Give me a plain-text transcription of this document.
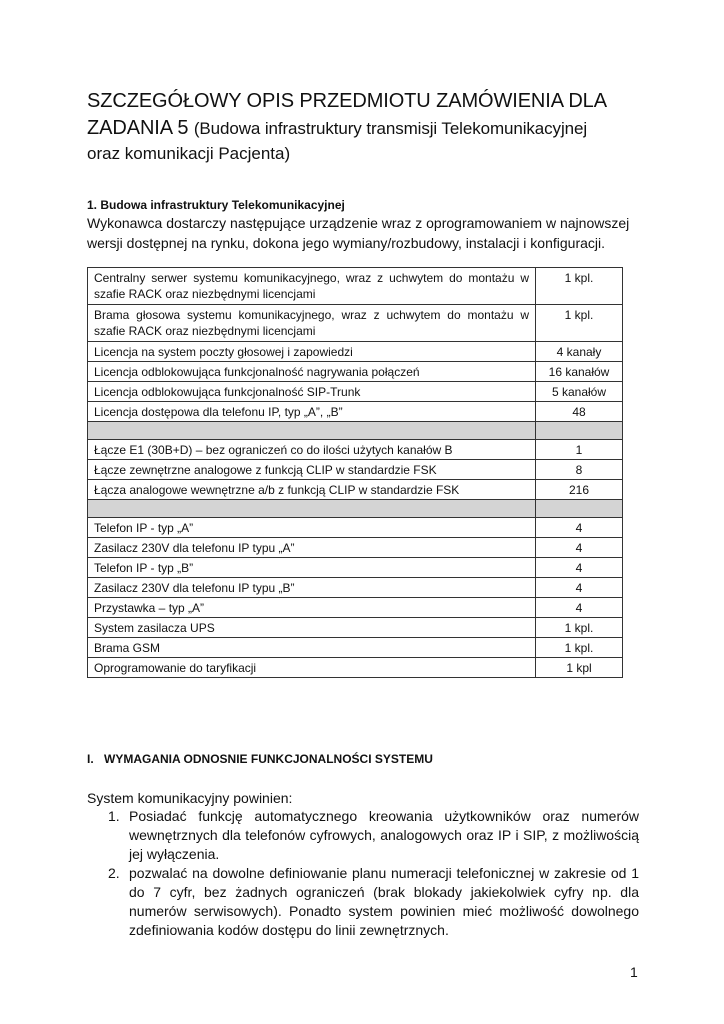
SZCZEGÓŁOWY OPIS PRZEDMIOTU ZAMÓWIENIA DLA
ZADANIA 5 (Budowa infrastruktury transmisji Telekomunikacyjnej
oraz komunikacji Pacjenta)
1. Budowa infrastruktury Telekomunikacyjnej
Wykonawca dostarczy następujące urządzenie wraz z oprogramowaniem w najnowszej wersji dostępnej na rynku, dokona jego wymiany/rozbudowy, instalacji i konfiguracji.
Centralny serwer systemu komunikacyjnego, wraz z uchwytem do montażu w szafie RACK oraz niezbędnymi licencjami	1 kpl.
Brama głosowa systemu komunikacyjnego, wraz z uchwytem do montażu w szafie RACK oraz niezbędnymi licencjami	1 kpl.
Licencja na system poczty głosowej i zapowiedzi	4 kanały
Licencja odblokowująca funkcjonalność nagrywania połączeń	16 kanałów
Licencja odblokowująca funkcjonalność SIP-Trunk	5 kanałów
Licencja dostępowa dla telefonu IP, typ „A”, „B”	48

Łącze E1 (30B+D) – bez ograniczeń co do ilości użytych kanałów B	1
Łącze zewnętrzne analogowe z funkcją CLIP w standardzie FSK	8
Łącza analogowe wewnętrzne a/b z funkcją CLIP w standardzie FSK	216

Telefon IP - typ „A”	4
Zasilacz 230V dla telefonu IP typu „A”	4
Telefon IP - typ „B”	4
Zasilacz 230V dla telefonu IP typu „B”	4
Przystawka – typ „A”	4
System zasilacza UPS	1 kpl.
Brama GSM	1 kpl.
Oprogramowanie do taryfikacji	1 kpl
I. WYMAGANIA ODNOSNIE FUNKCJONALNOŚCI SYSTEMU
System komunikacyjny powinien:
1. Posiadać funkcję automatycznego kreowania użytkowników oraz numerów wewnętrznych dla telefonów cyfrowych, analogowych oraz IP i SIP, z możliwością jej wyłączenia.
2. pozwalać na dowolne definiowanie planu numeracji telefonicznej w zakresie od 1 do 7 cyfr, bez żadnych ograniczeń (brak blokady jakiekolwiek cyfry np. dla numerów serwisowych). Ponadto system powinien mieć możliwość dowolnego zdefiniowania kodów dostępu do linii zewnętrznych.
1
